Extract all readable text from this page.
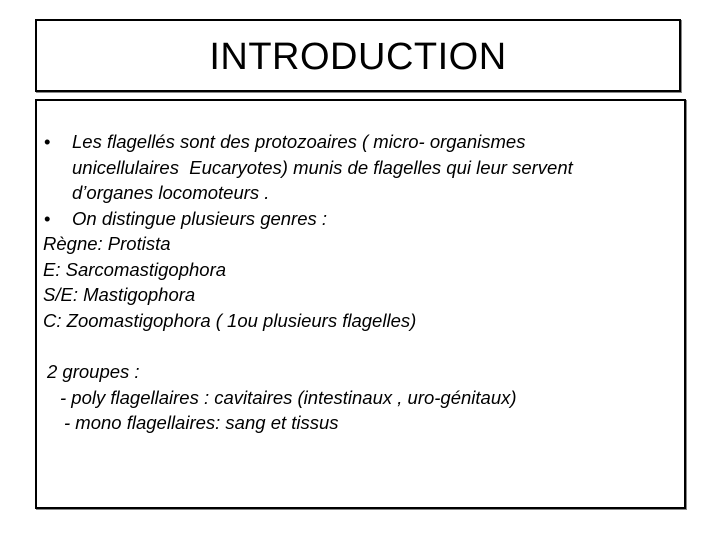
INTRODUCTION
•	Les flagellés sont des protozoaires ( micro- organismes
unicellulaires  Eucaryotes) munis de flagelles qui leur servent
d’organes locomoteurs .
•	On distingue plusieurs genres :
Règne: Protista
E: Sarcomastigophora
S/E: Mastigophora
C: Zoomastigophora ( 1ou plusieurs flagelles)
2 groupes :
- poly flagellaires : cavitaires (intestinaux , uro-génitaux)
- mono flagellaires: sang et tissus
